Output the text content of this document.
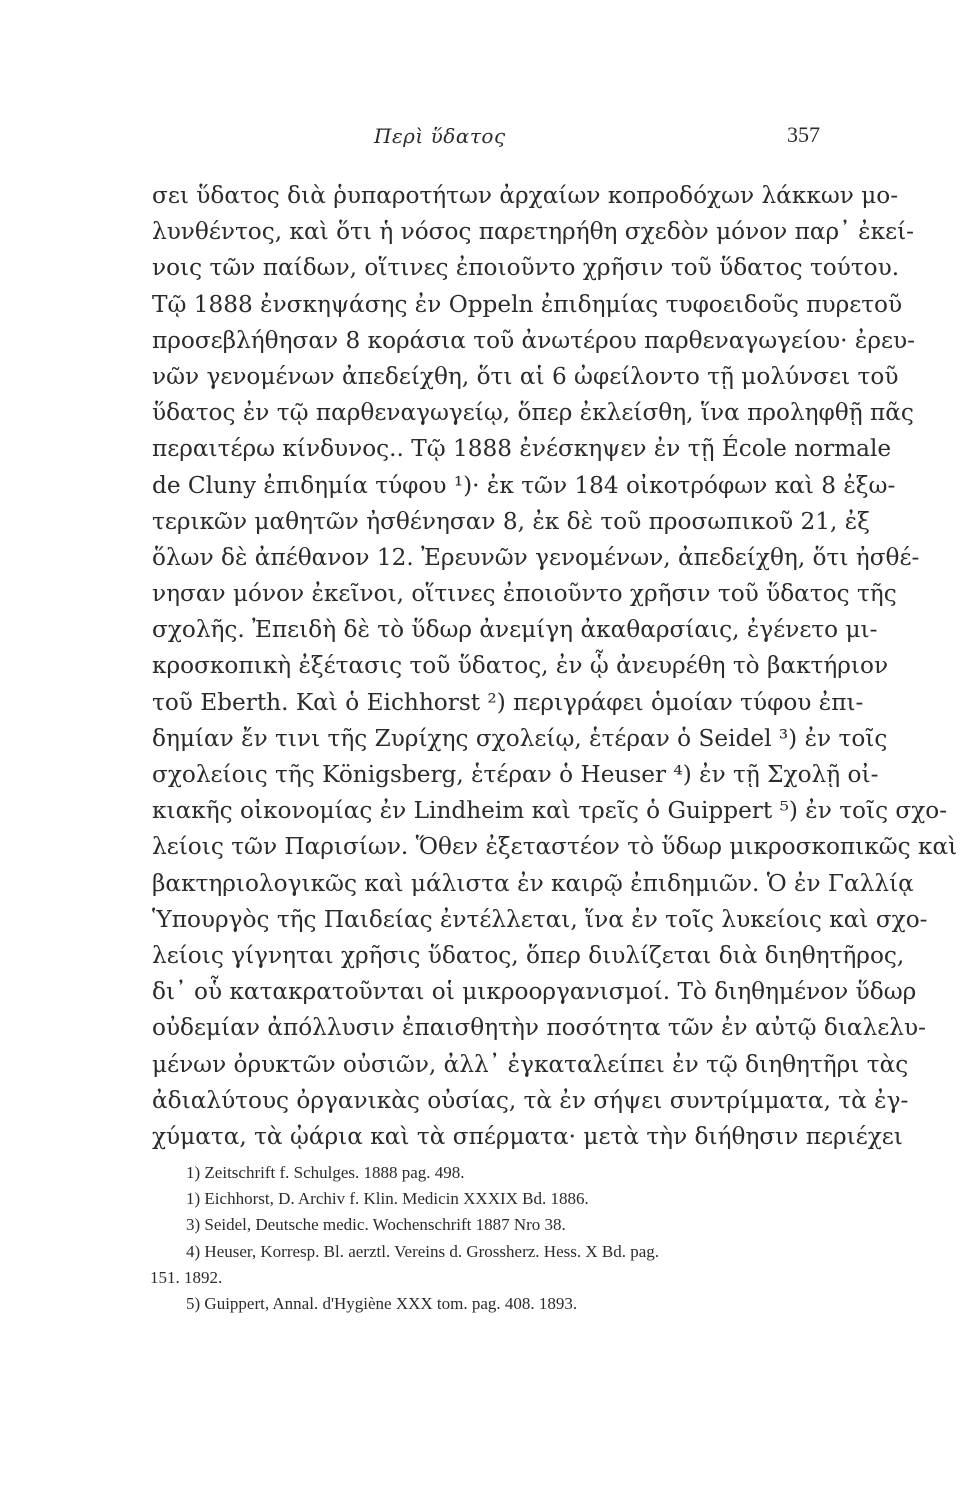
Περὶ ὕδατος	357
σει ὕδατος διὰ ῥυπαροτήτων ἀρχαίων κοπροδόχων λάκκων μο-
λυνθέντος, καὶ ὅτι ἡ νόσος παρετηρήθη σχεδὸν μόνον παρ᾽ ἐκεί-
νοις τῶν παίδων, οἵτινες ἐποιοῦντο χρῆσιν τοῦ ὕδατος τούτου.
Τῷ 1888 ἐνσκηψάσης ἐν Oppeln ἐπιδημίας τυφοειδοῦς πυρετοῦ
προσεβλήθησαν 8 κοράσια τοῦ ἀνωτέρου παρθεναγωγείου· ἐρευ-
νῶν γενομένων ἀπεδείχθη, ὅτι αἱ 6 ὠφείλοντο τῇ μολύνσει τοῦ
ὕδατος ἐν τῷ παρθεναγωγείῳ, ὅπερ ἐκλείσθη, ἵνα προληφθῇ πᾶς
περαιτέρω κίνδυνος.. Τῷ 1888 ἐνέσκηψεν ἐν τῇ École normale
de Cluny ἐπιδημία τύφου ¹)· ἐκ τῶν 184 οἰκοτρόφων καὶ 8 ἐξω-
τερικῶν μαθητῶν ἠσθένησαν 8, ἐκ δὲ τοῦ προσωπικοῦ 21, ἐξ
ὅλων δὲ ἀπέθανον 12. Ἐρευνῶν γενομένων, ἀπεδείχθη, ὅτι ἠσθέ-
νησαν μόνον ἐκεῖνοι, οἵτινες ἐποιοῦντο χρῆσιν τοῦ ὕδατος τῆς
σχολῆς. Ἐπειδὴ δὲ τὸ ὕδωρ ἀνεμίγη ἀκαθαρσίαις, ἐγένετο μι-
κροσκοπικὴ ἐξέτασις τοῦ ὕδατος, ἐν ᾧ ἀνευρέθη τὸ βακτήριον
τοῦ Eberth. Καὶ ὁ Eichhorst ²) περιγράφει ὁμοίαν τύφου ἐπι-
δημίαν ἔν τινι τῆς Ζυρίχης σχολείῳ, ἑτέραν ὁ Seidel ³) ἐν τοῖς
σχολείοις τῆς Königsberg, ἑτέραν ὁ Heuser ⁴) ἐν τῇ Σχολῇ οἰ-
κιακῆς οἰκονομίας ἐν Lindheim καὶ τρεῖς ὁ Guippert ⁵) ἐν τοῖς σχο-
λείοις τῶν Παρισίων. Ὅθεν ἐξεταστέον τὸ ὕδωρ μικροσκοπικῶς καὶ
βακτηριολογικῶς καὶ μάλιστα ἐν καιρῷ ἐπιδημιῶν. Ὁ ἐν Γαλλίᾳ
Ὑπουργὸς τῆς Παιδείας ἐντέλλεται, ἵνα ἐν τοῖς λυκείοις καὶ σχο-
λείοις γίγνηται χρῆσις ὕδατος, ὅπερ διυλίζεται διὰ διηθητῆρος,
δι᾽ οὗ κατακρατοῦνται οἱ μικροοργανισμοί. Τὸ διηθημένον ὕδωρ
οὐδεμίαν ἀπόλλυσιν ἐπαισθητὴν ποσότητα τῶν ἐν αὐτῷ διαλελυ-
μένων ὀρυκτῶν οὐσιῶν, ἀλλ᾽ ἐγκαταλείπει ἐν τῷ διηθητῆρι τὰς
ἀδιαλύτους ὀργανικὰς οὐσίας, τὰ ἐν σήψει συντρίμματα, τὰ ἐγ-
χύματα, τὰ ᾠάρια καὶ τὰ σπέρματα· μετὰ τὴν διήθησιν περιέχει
1) Zeitschrift f. Schulges. 1888 pag. 498.
1) Eichhorst, D. Archiv f. Klin. Medicin XXXIX Bd. 1886.
3) Seidel, Deutsche medic. Wochenschrift 1887 Nro 38.
4) Heuser, Korresp. Bl. aerztl. Vereins d. Grossherz. Hess. X Bd. pag.
151. 1892.
5) Guippert, Annal. d'Hygiène XXX tom. pag. 408. 1893.
